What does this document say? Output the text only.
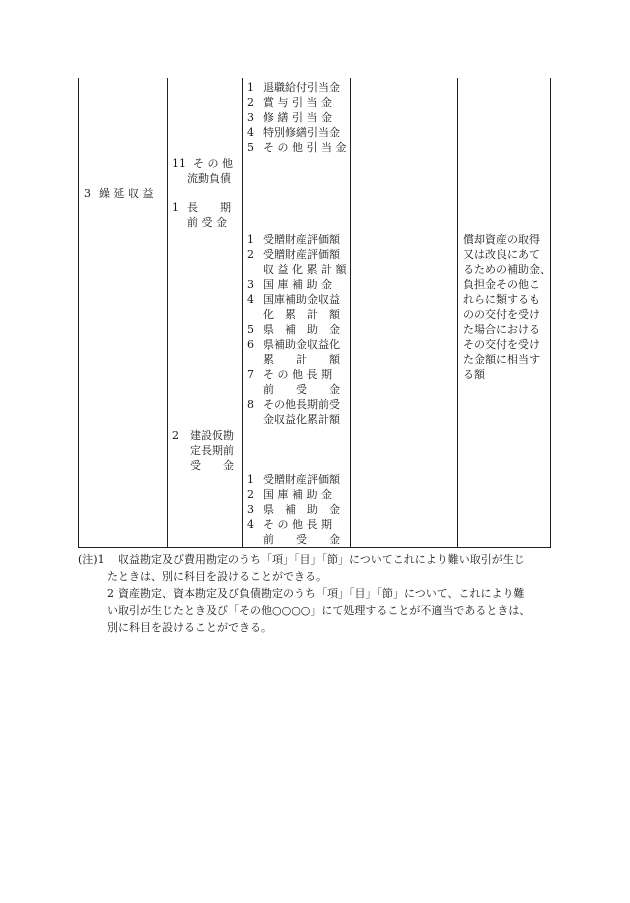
3 繰 延 収 益
11 そ の 他
流動負債
1 長　　期
前 受 金
2 建設仮勘
定長期前
受　　金
1 退職給付引当金
2 賞 与 引 当 金
3 修 繕 引 当 金
4 特別修繕引当金
5 そ の 他 引 当 金
1 受贈財産評価額
2 受贈財産評価額
収 益 化 累 計 額
3 国 庫 補 助 金
4 国庫補助金収益
化　累　計　額
5 県　補　助　金
6 県補助金収益化
累　　計　　額
7 そ の 他 長 期
前　　受　　金
8 その他長期前受
金収益化累計額
1 受贈財産評価額
2 国 庫 補 助 金
3 県　補　助　金
4 そ の 他 長 期
前　　受　　金
償却資産の取得
又は改良にあて
るための補助金、
負担金その他こ
れらに類するも
のの交付を受け
た場合における
その交付を受け
た金額に相当す
る額
(注)1 収益勘定及び費用勘定のうち「項」「目」「節」についてこれにより難い取引が生じ
たときは、別に科目を設けることができる。
2 資産勘定、資本勘定及び負債勘定のうち「項」「目」「節」について、これにより難
い取引が生じたとき及び「その他○○○○」にて処理することが不適当であるときは、
別に科目を設けることができる。
